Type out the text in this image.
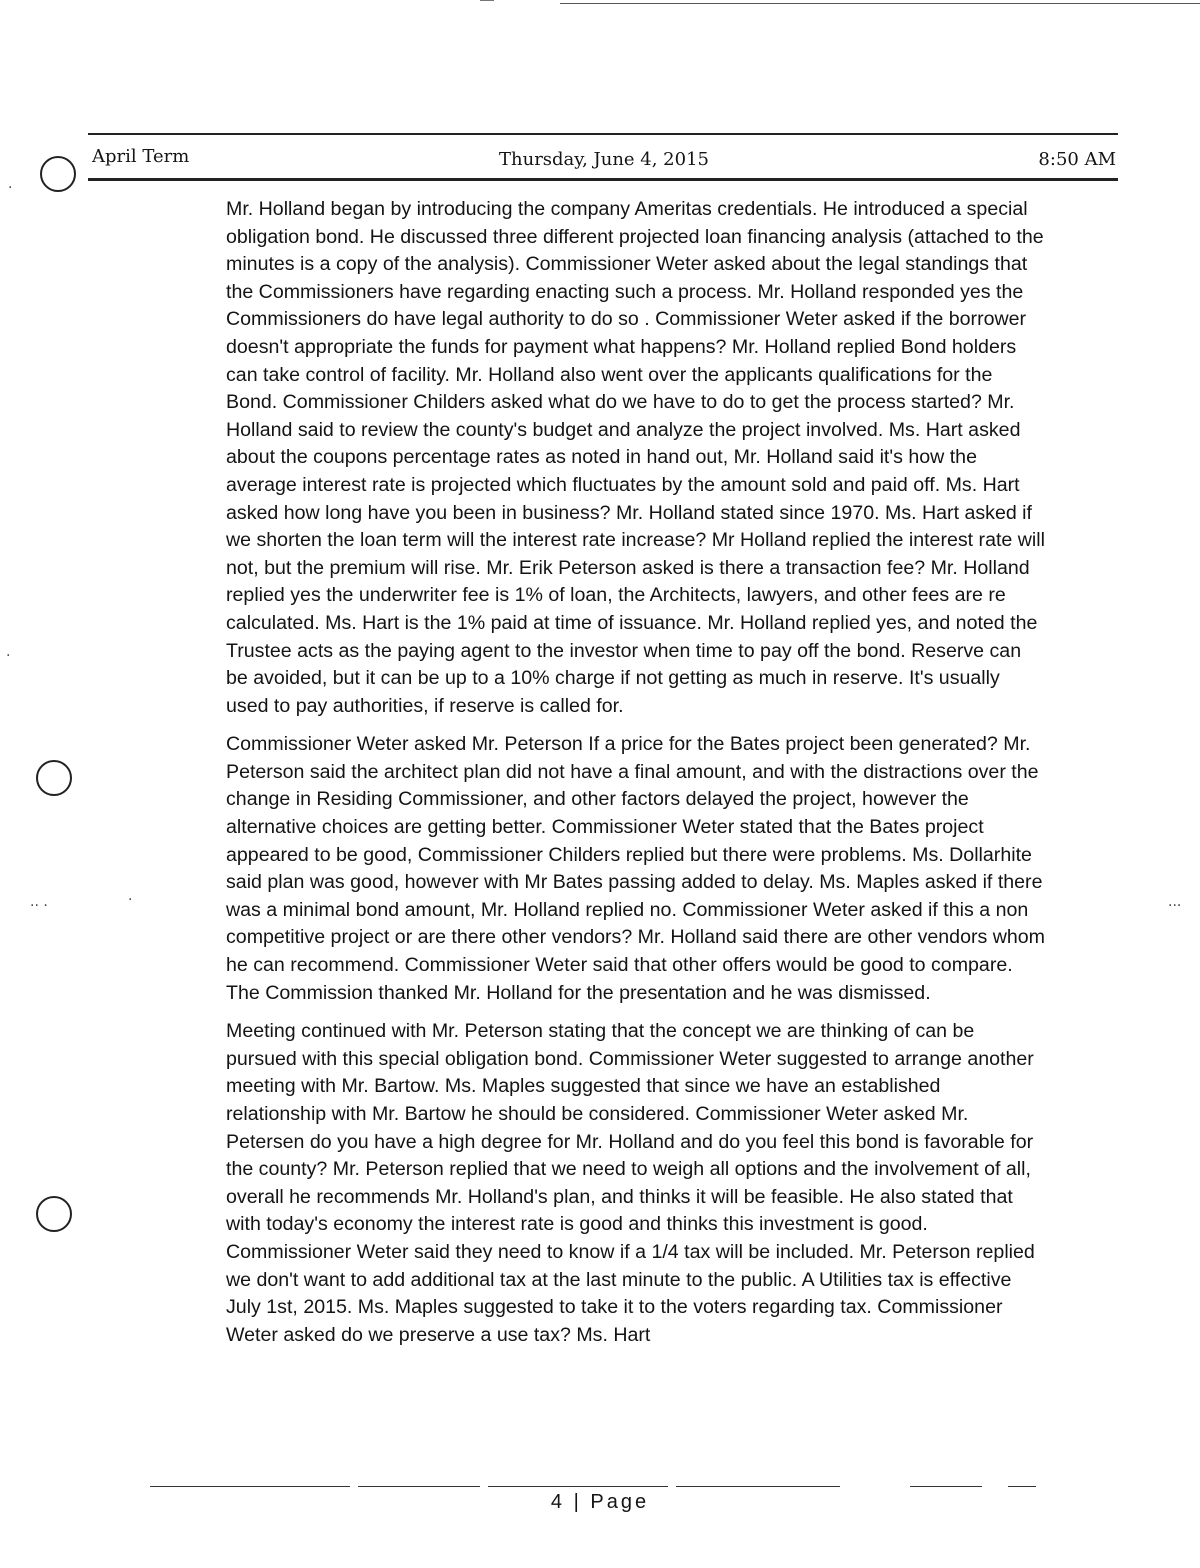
·
·
·· ·	·	···
April Term	Thursday, June 4, 2015	8:50 AM

Mr. Holland began by introducing the company Ameritas credentials. He introduced a special obligation bond. He discussed three different projected loan financing analysis (attached to the minutes is a copy of the analysis). Commissioner Weter asked about the legal standings that the Commissioners have regarding enacting such a process. Mr. Holland responded yes the Commissioners do have legal authority to do so . Commissioner Weter asked if the borrower doesn't appropriate the funds for payment what happens? Mr. Holland replied Bond holders can take control of facility. Mr. Holland also went over the applicants qualifications for the Bond. Commissioner Childers asked what do we have to do to get the process started? Mr. Holland said to review the county's budget and analyze the project involved. Ms. Hart asked about the coupons percentage rates as noted in hand out, Mr. Holland said it's how the average interest rate is projected which fluctuates by the amount sold and paid off. Ms. Hart asked how long have you been in business? Mr. Holland stated since 1970. Ms. Hart asked if we shorten the loan term will the interest rate increase? Mr Holland replied the interest rate will not, but the premium will rise. Mr. Erik Peterson asked is there a transaction fee? Mr. Holland replied yes the underwriter fee is 1% of loan, the Architects, lawyers, and other fees are re calculated. Ms. Hart is the 1% paid at time of issuance. Mr. Holland replied yes, and noted the Trustee acts as the paying agent to the investor when time to pay off the bond. Reserve can be avoided, but it can be up to a 10% charge if not getting as much in reserve. It's usually used to pay authorities, if reserve is called for.

Commissioner Weter asked Mr. Peterson If a price for the Bates project been generated? Mr. Peterson said the architect plan did not have a final amount, and with the distractions over the change in Residing Commissioner, and other factors delayed the project, however the alternative choices are getting better. Commissioner Weter stated that the Bates project appeared to be good, Commissioner Childers replied but there were problems. Ms. Dollarhite said plan was good, however with Mr Bates passing added to delay. Ms. Maples asked if there was a minimal bond amount, Mr. Holland replied no. Commissioner Weter asked if this a non competitive project or are there other vendors? Mr. Holland said there are other vendors whom he can recommend. Commissioner Weter said that other offers would be good to compare. The Commission thanked Mr. Holland for the presentation and he was dismissed.

Meeting continued with Mr. Peterson stating that the concept we are thinking of can be pursued with this special obligation bond. Commissioner Weter suggested to arrange another meeting with Mr. Bartow. Ms. Maples suggested that since we have an established relationship with Mr. Bartow he should be considered. Commissioner Weter asked Mr. Petersen do you have a high degree for Mr. Holland and do you feel this bond is favorable for the county? Mr. Peterson replied that we need to weigh all options and the involvement of all, overall he recommends Mr. Holland's plan, and thinks it will be feasible. He also stated that with today's economy the interest rate is good and thinks this investment is good. Commissioner Weter said they need to know if a 1/4 tax will be included. Mr. Peterson replied we don't want to add additional tax at the last minute to the public. A Utilities tax is effective July 1st, 2015. Ms. Maples suggested to take it to the voters regarding tax. Commissioner Weter asked do we preserve a use tax? Ms. Hart

4 | Page
